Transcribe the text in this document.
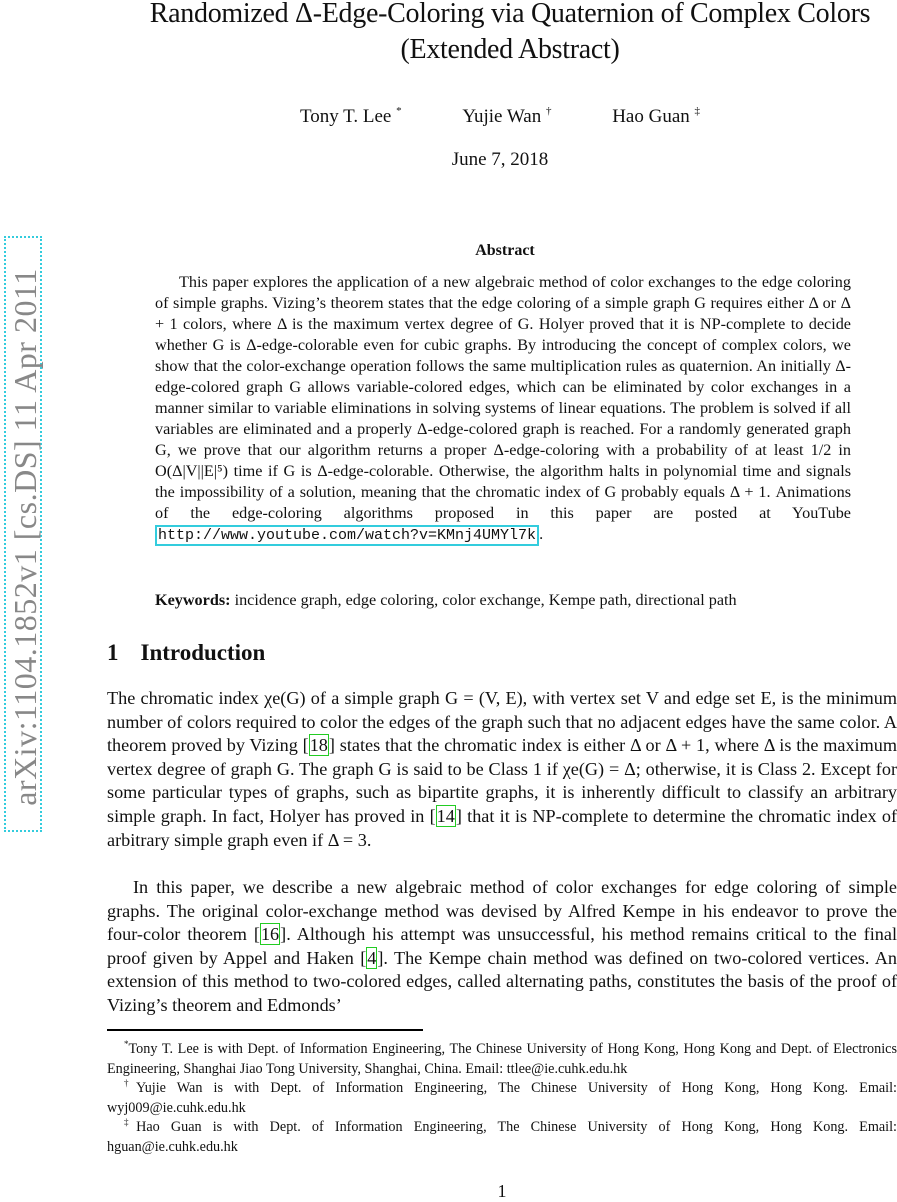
arXiv:1104.1852v1 [cs.DS] 11 Apr 2011
Randomized Δ-Edge-Coloring via Quaternion of Complex Colors
(Extended Abstract)
Tony T. Lee *	Yujie Wan †	Hao Guan ‡
June 7, 2018
Abstract
This paper explores the application of a new algebraic method of color exchanges to the edge coloring of simple graphs. Vizing’s theorem states that the edge coloring of a simple graph G requires either Δ or Δ + 1 colors, where Δ is the maximum vertex degree of G. Holyer proved that it is NP-complete to decide whether G is Δ-edge-colorable even for cubic graphs. By introducing the concept of complex colors, we show that the color-exchange operation follows the same multiplication rules as quaternion. An initially Δ-edge-colored graph G allows variable-colored edges, which can be eliminated by color exchanges in a manner similar to variable eliminations in solving systems of linear equations. The problem is solved if all variables are eliminated and a properly Δ-edge-colored graph is reached. For a randomly generated graph G, we prove that our algorithm returns a proper Δ-edge-coloring with a probability of at least 1/2 in O(Δ|V||E|⁵) time if G is Δ-edge-colorable. Otherwise, the algorithm halts in polynomial time and signals the impossibility of a solution, meaning that the chromatic index of G probably equals Δ + 1. Animations of the edge-coloring algorithms proposed in this paper are posted at YouTube http://www.youtube.com/watch?v=KMnj4UMYl7k .
Keywords: incidence graph, edge coloring, color exchange, Kempe path, directional path
1 Introduction
The chromatic index χe(G) of a simple graph G = (V, E), with vertex set V and edge set E, is the minimum number of colors required to color the edges of the graph such that no adjacent edges have the same color. A theorem proved by Vizing [18] states that the chromatic index is either Δ or Δ + 1, where Δ is the maximum vertex degree of graph G. The graph G is said to be Class 1 if χe(G) = Δ; otherwise, it is Class 2. Except for some particular types of graphs, such as bipartite graphs, it is inherently difficult to classify an arbitrary simple graph. In fact, Holyer has proved in [14] that it is NP-complete to determine the chromatic index of arbitrary simple graph even if Δ = 3.
In this paper, we describe a new algebraic method of color exchanges for edge coloring of simple graphs. The original color-exchange method was devised by Alfred Kempe in his endeavor to prove the four-color theorem [16]. Although his attempt was unsuccessful, his method remains critical to the final proof given by Appel and Haken [4]. The Kempe chain method was defined on two-colored vertices. An extension of this method to two-colored edges, called alternating paths, constitutes the basis of the proof of Vizing’s theorem and Edmonds’
*Tony T. Lee is with Dept. of Information Engineering, The Chinese University of Hong Kong, Hong Kong and Dept. of Electronics Engineering, Shanghai Jiao Tong University, Shanghai, China. Email: ttlee@ie.cuhk.edu.hk
†Yujie Wan is with Dept. of Information Engineering, The Chinese University of Hong Kong, Hong Kong. Email: wyj009@ie.cuhk.edu.hk
‡Hao Guan is with Dept. of Information Engineering, The Chinese University of Hong Kong, Hong Kong. Email: hguan@ie.cuhk.edu.hk
1
